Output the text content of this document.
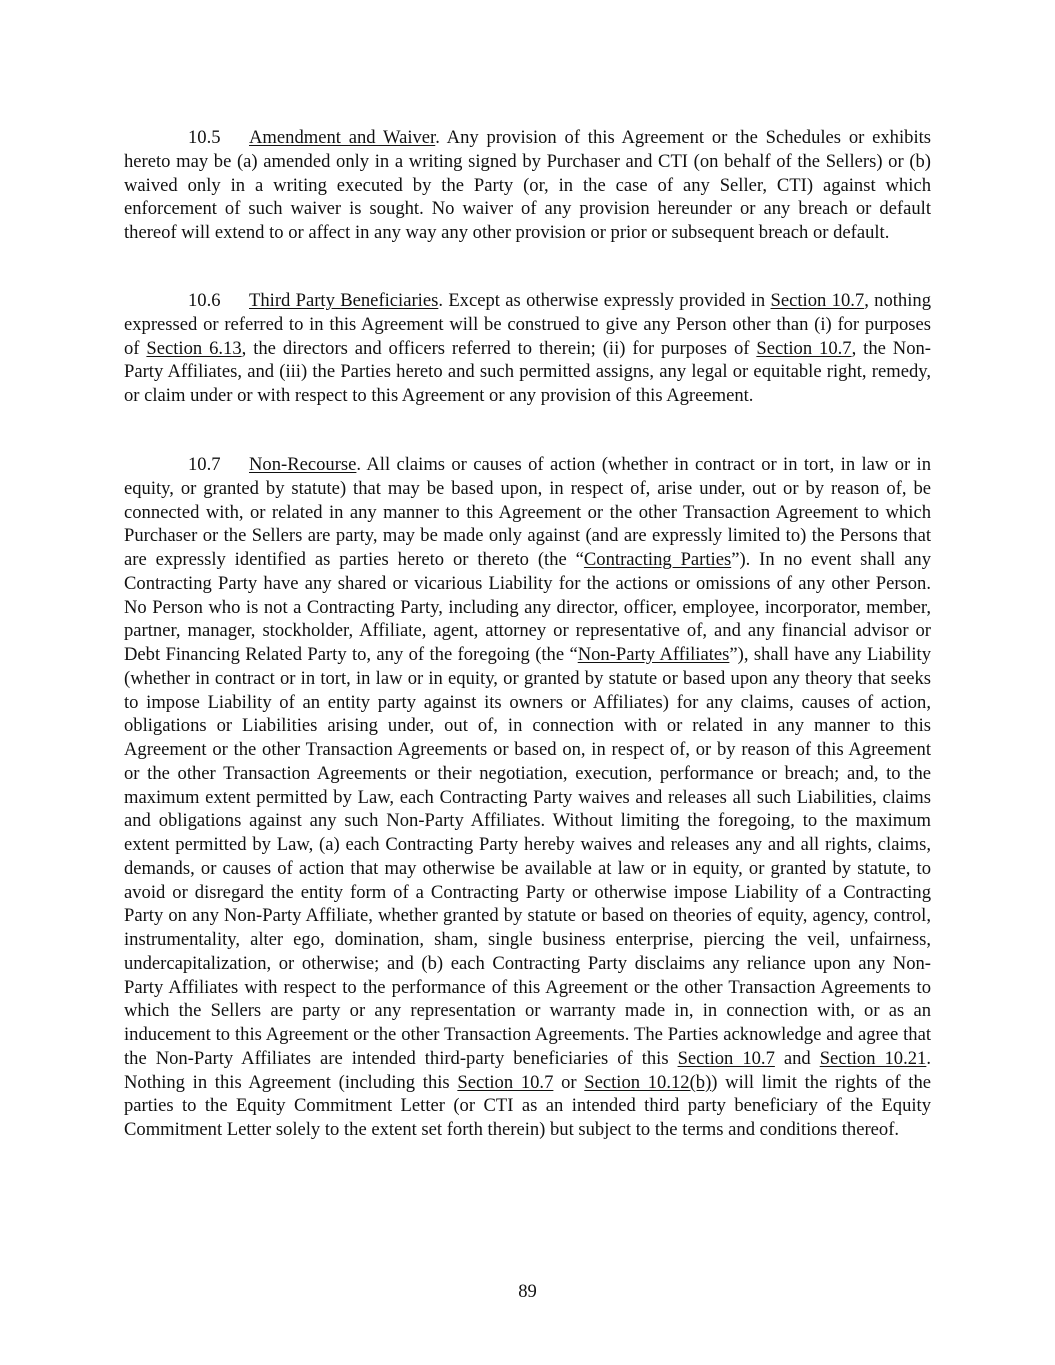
10.5 Amendment and Waiver. Any provision of this Agreement or the Schedules or exhibits hereto may be (a) amended only in a writing signed by Purchaser and CTI (on behalf of the Sellers) or (b) waived only in a writing executed by the Party (or, in the case of any Seller, CTI) against which enforcement of such waiver is sought. No waiver of any provision hereunder or any breach or default thereof will extend to or affect in any way any other provision or prior or subsequent breach or default.

10.6 Third Party Beneficiaries. Except as otherwise expressly provided in Section 10.7, nothing expressed or referred to in this Agreement will be construed to give any Person other than (i) for purposes of Section 6.13, the directors and officers referred to therein; (ii) for purposes of Section 10.7, the Non-Party Affiliates, and (iii) the Parties hereto and such permitted assigns, any legal or equitable right, remedy, or claim under or with respect to this Agreement or any provision of this Agreement.

10.7 Non-Recourse. All claims or causes of action (whether in contract or in tort, in law or in equity, or granted by statute) that may be based upon, in respect of, arise under, out or by reason of, be connected with, or related in any manner to this Agreement or the other Transaction Agreement to which Purchaser or the Sellers are party, may be made only against (and are expressly limited to) the Persons that are expressly identified as parties hereto or thereto (the “Contracting Parties”). In no event shall any Contracting Party have any shared or vicarious Liability for the actions or omissions of any other Person. No Person who is not a Contracting Party, including any director, officer, employee, incorporator, member, partner, manager, stockholder, Affiliate, agent, attorney or representative of, and any financial advisor or Debt Financing Related Party to, any of the foregoing (the “Non-Party Affiliates”), shall have any Liability (whether in contract or in tort, in law or in equity, or granted by statute or based upon any theory that seeks to impose Liability of an entity party against its owners or Affiliates) for any claims, causes of action, obligations or Liabilities arising under, out of, in connection with or related in any manner to this Agreement or the other Transaction Agreements or based on, in respect of, or by reason of this Agreement or the other Transaction Agreements or their negotiation, execution, performance or breach; and, to the maximum extent permitted by Law, each Contracting Party waives and releases all such Liabilities, claims and obligations against any such Non-Party Affiliates. Without limiting the foregoing, to the maximum extent permitted by Law, (a) each Contracting Party hereby waives and releases any and all rights, claims, demands, or causes of action that may otherwise be available at law or in equity, or granted by statute, to avoid or disregard the entity form of a Contracting Party or otherwise impose Liability of a Contracting Party on any Non-Party Affiliate, whether granted by statute or based on theories of equity, agency, control, instrumentality, alter ego, domination, sham, single business enterprise, piercing the veil, unfairness, undercapitalization, or otherwise; and (b) each Contracting Party disclaims any reliance upon any Non-Party Affiliates with respect to the performance of this Agreement or the other Transaction Agreements to which the Sellers are party or any representation or warranty made in, in connection with, or as an inducement to this Agreement or the other Transaction Agreements. The Parties acknowledge and agree that the Non-Party Affiliates are intended third-party beneficiaries of this Section 10.7 and Section 10.21. Nothing in this Agreement (including this Section 10.7 or Section 10.12(b)) will limit the rights of the parties to the Equity Commitment Letter (or CTI as an intended third party beneficiary of the Equity Commitment Letter solely to the extent set forth therein) but subject to the terms and conditions thereof.

89
